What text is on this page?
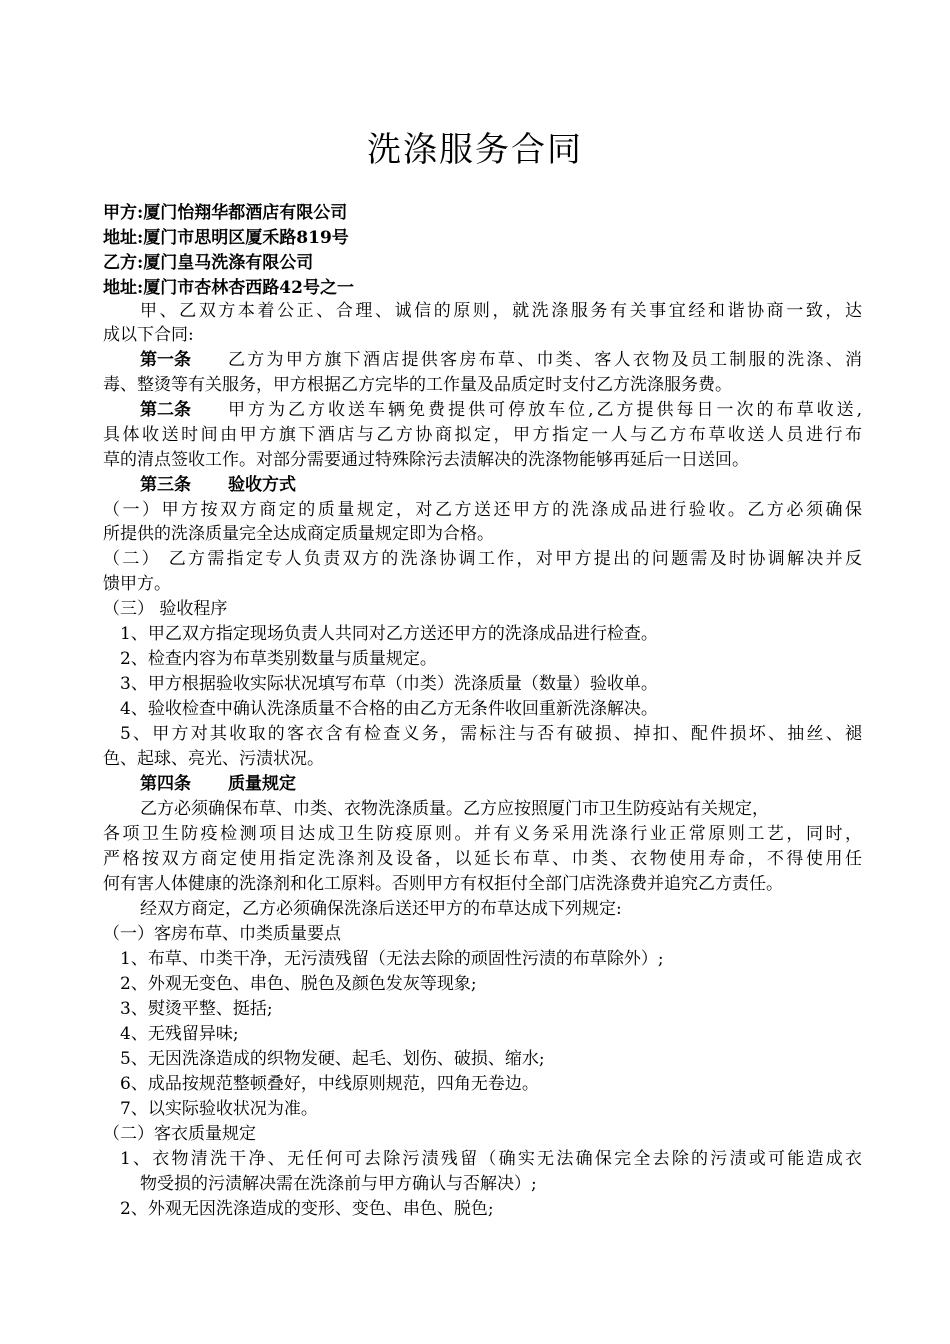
洗涤服务合同
甲方:厦门怡翔华都酒店有限公司
地址:厦门市思明区厦禾路819号
乙方:厦门皇马洗涤有限公司
地址:厦门市杏林杏西路42号之一
甲、乙双方本着公正、合理、诚信的原则，就洗涤服务有关事宜经和谐协商一致，达
成以下合同:
第一条 乙方为甲方旗下酒店提供客房布草、巾类、客人衣物及员工制服的洗涤、消
毒、整烫等有关服务，甲方根据乙方完毕的工作量及品质定时支付乙方洗涤服务费。
第二条 甲方为乙方收送车辆免费提供可停放车位,乙方提供每日一次的布草收送,
具体收送时间由甲方旗下酒店与乙方协商拟定，甲方指定一人与乙方布草收送人员进行布
草的清点签收工作。对部分需要通过特殊除污去渍解决的洗涤物能够再延后一日送回。
第三条 验收方式
（一）甲方按双方商定的质量规定，对乙方送还甲方的洗涤成品进行验收。乙方必须确保
所提供的洗涤质量完全达成商定质量规定即为合格。
（二） 乙方需指定专人负责双方的洗涤协调工作，对甲方提出的问题需及时协调解决并反
馈甲方。
（三） 验收程序
1、甲乙双方指定现场负责人共同对乙方送还甲方的洗涤成品进行检查。
2、检查内容为布草类别数量与质量规定。
3、甲方根据验收实际状况填写布草（巾类）洗涤质量（数量）验收单。
4、验收检查中确认洗涤质量不合格的由乙方无条件收回重新洗涤解决。
5、甲方对其收取的客衣含有检查义务，需标注与否有破损、掉扣、配件损坏、抽丝、褪
色、起球、亮光、污渍状况。
第四条 质量规定
乙方必须确保布草、巾类、衣物洗涤质量。乙方应按照厦门市卫生防疫站有关规定，
各项卫生防疫检测项目达成卫生防疫原则。并有义务采用洗涤行业正常原则工艺，同时，
严格按双方商定使用指定洗涤剂及设备，以延长布草、巾类、衣物使用寿命，不得使用任
何有害人体健康的洗涤剂和化工原料。否则甲方有权拒付全部门店洗涤费并追究乙方责任。
经双方商定，乙方必须确保洗涤后送还甲方的布草达成下列规定:
（一）客房布草、巾类质量要点
1、布草、巾类干净，无污渍残留（无法去除的顽固性污渍的布草除外）;
2、外观无变色、串色、脱色及颜色发灰等现象;
3、熨烫平整、挺括;
4、无残留异味;
5、无因洗涤造成的织物发硬、起毛、划伤、破损、缩水;
6、成品按规范整顿叠好，中线原则规范，四角无卷边。
7、以实际验收状况为准。
（二）客衣质量规定
1、衣物清洗干净、无任何可去除污渍残留（确实无法确保完全去除的污渍或可能造成衣
物受损的污渍解决需在洗涤前与甲方确认与否解决）;
2、外观无因洗涤造成的变形、变色、串色、脱色;
